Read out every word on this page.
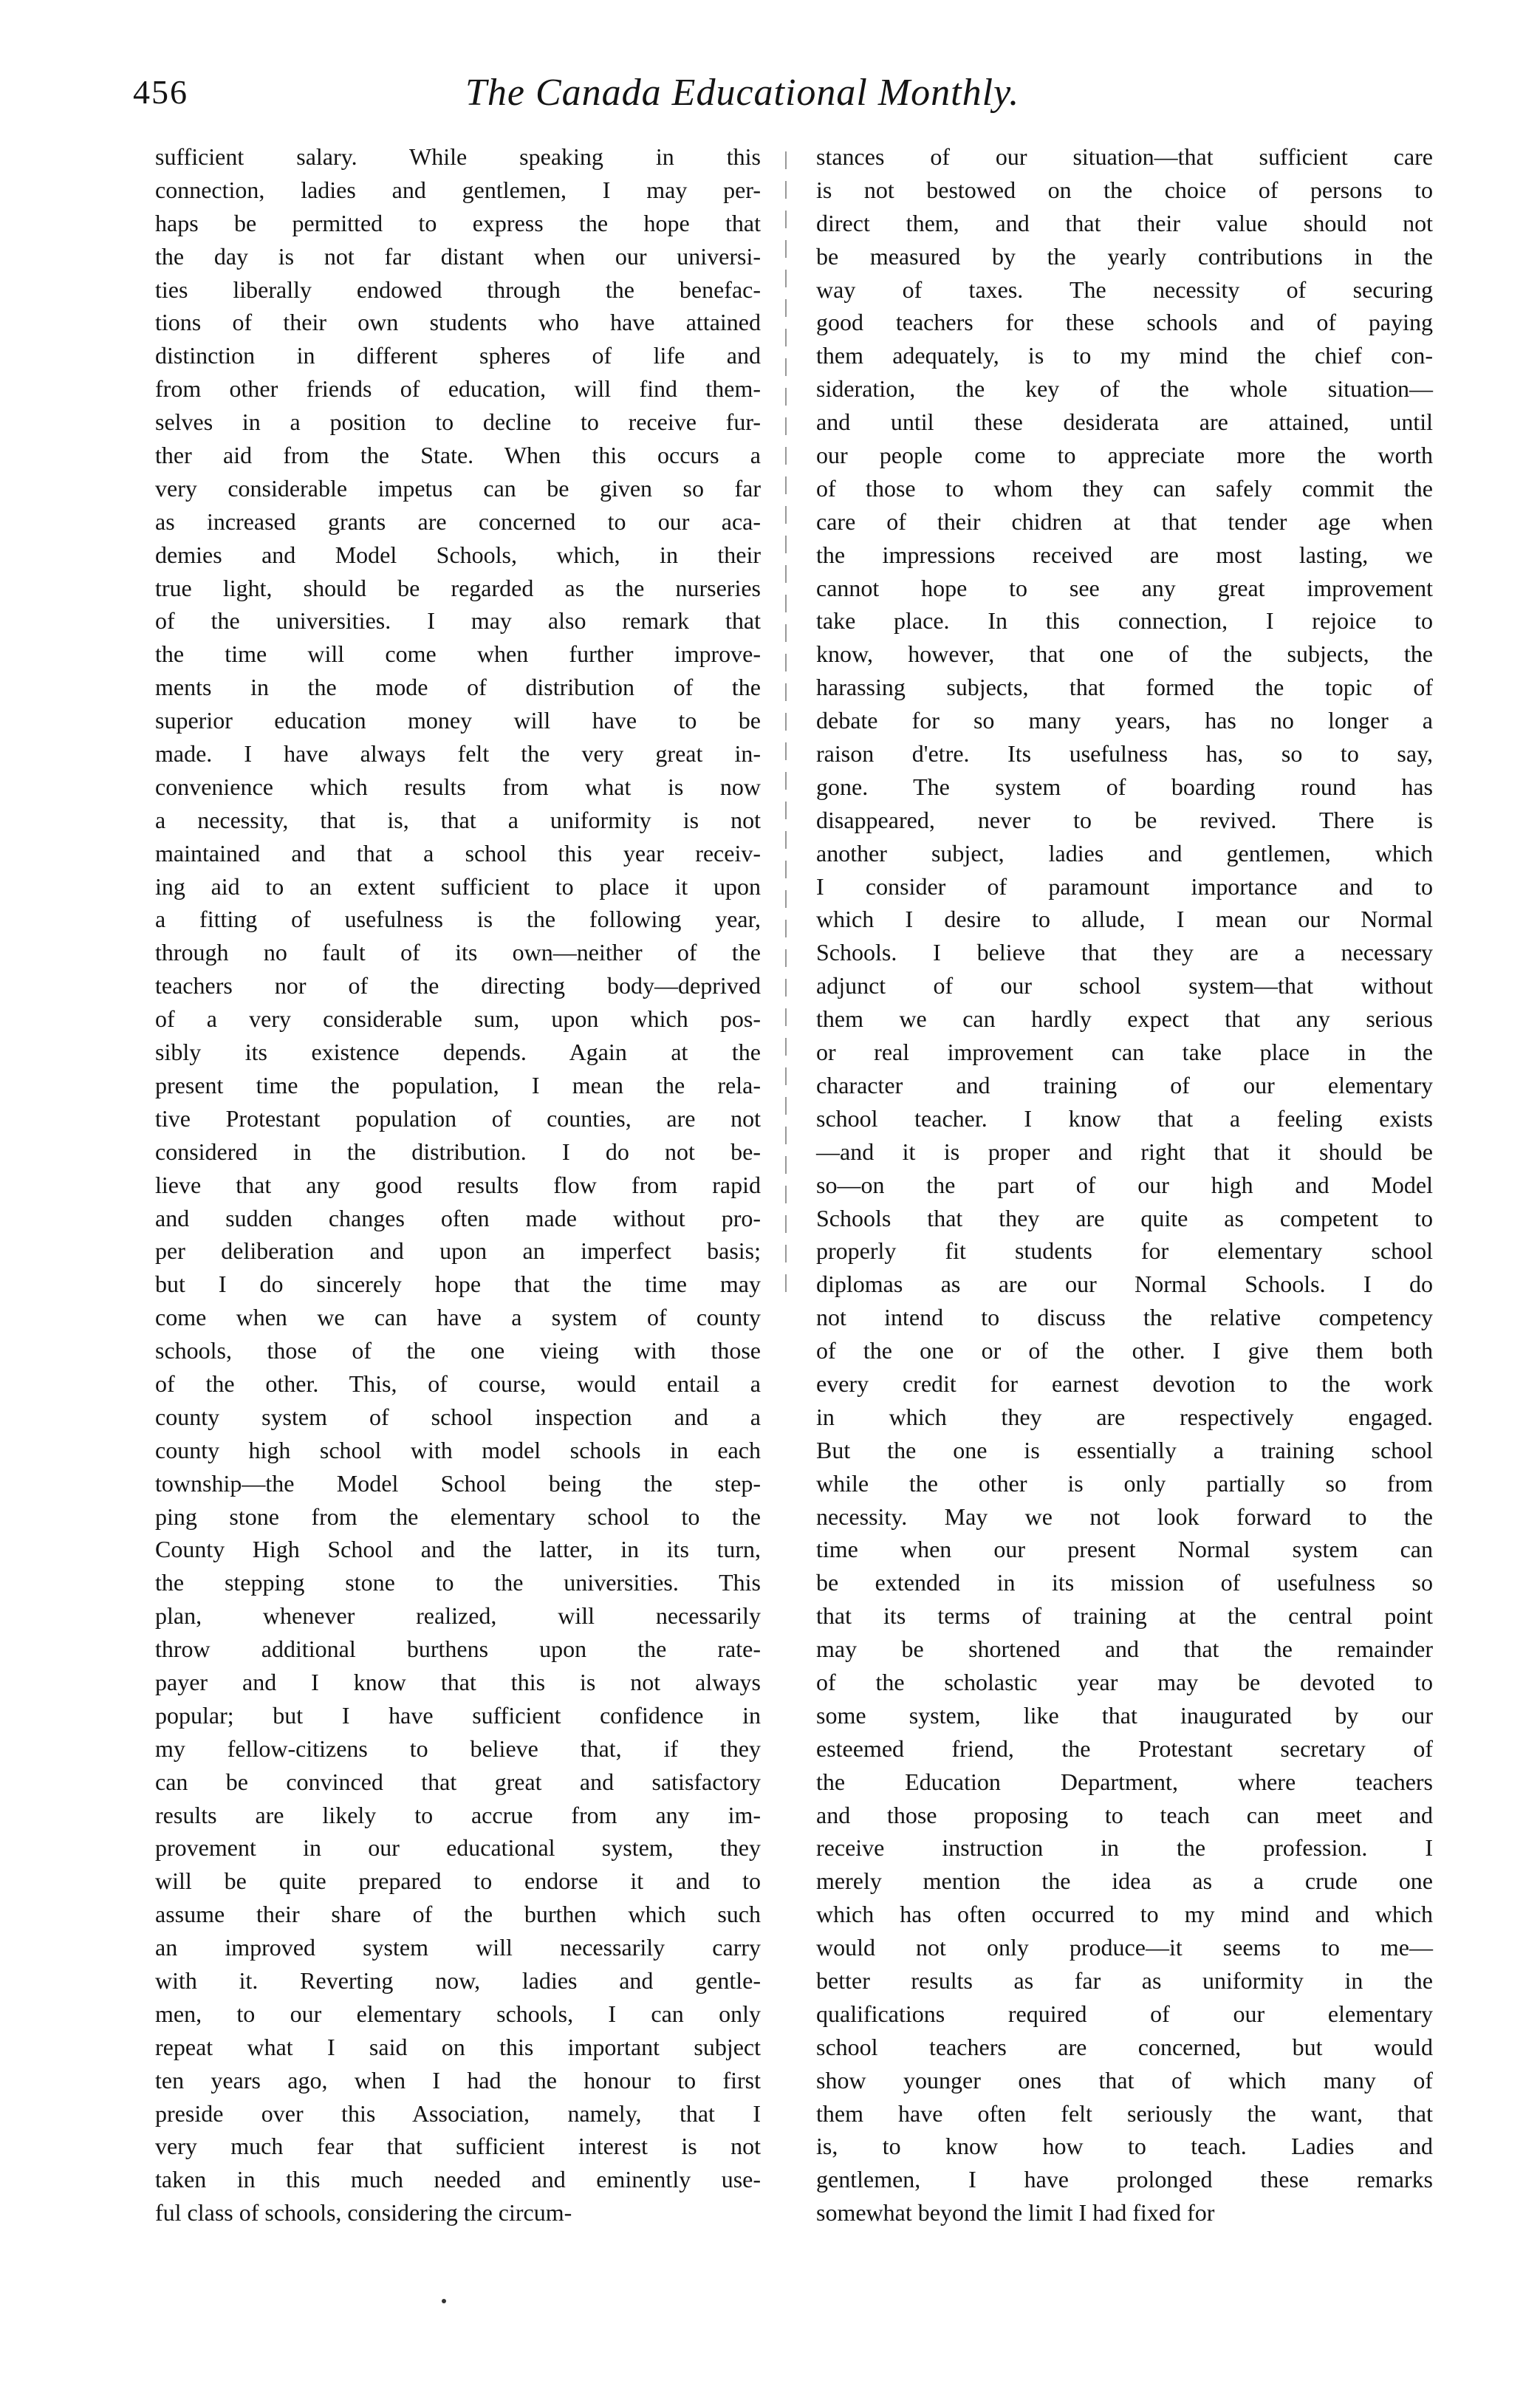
456	The Canada Educational Monthly.
sufficient salary. While speaking in this
connection, ladies and gentlemen, I may per-
haps be permitted to express the hope that
the day is not far distant when our universi-
ties liberally endowed through the benefac-
tions of their own students who have attained
distinction in different spheres of life and
from other friends of education, will find them-
selves in a position to decline to receive fur-
ther aid from the State. When this occurs a
very considerable impetus can be given so far
as increased grants are concerned to our aca-
demies and Model Schools, which, in their
true light, should be regarded as the nurseries
of the universities. I may also remark that
the time will come when further improve-
ments in the mode of distribution of the
superior education money will have to be
made. I have always felt the very great in-
convenience which results from what is now
a necessity, that is, that a uniformity is not
maintained and that a school this year receiv-
ing aid to an extent sufficient to place it upon
a fitting of usefulness is the following year,
through no fault of its own—neither of the
teachers nor of the directing body—deprived
of a very considerable sum, upon which pos-
sibly its existence depends. Again at the
present time the population, I mean the rela-
tive Protestant population of counties, are not
considered in the distribution. I do not be-
lieve that any good results flow from rapid
and sudden changes often made without pro-
per deliberation and upon an imperfect basis;
but I do sincerely hope that the time may
come when we can have a system of county
schools, those of the one vieing with those
of the other. This, of course, would entail a
county system of school inspection and a
county high school with model schools in each
township—the Model School being the step-
ping stone from the elementary school to the
County High School and the latter, in its turn,
the stepping stone to the universities. This
plan, whenever realized, will necessarily
throw additional burthens upon the rate-
payer and I know that this is not always
popular; but I have sufficient confidence in
my fellow-citizens to believe that, if they
can be convinced that great and satisfactory
results are likely to accrue from any im-
provement in our educational system, they
will be quite prepared to endorse it and to
assume their share of the burthen which such
an improved system will necessarily carry
with it. Reverting now, ladies and gentle-
men, to our elementary schools, I can only
repeat what I said on this important subject
ten years ago, when I had the honour to first
preside over this Association, namely, that I
very much fear that sufficient interest is not
taken in this much needed and eminently use-
ful class of schools, considering the circum-
stances of our situation—that sufficient care
is not bestowed on the choice of persons to
direct them, and that their value should not
be measured by the yearly contributions in the
way of taxes. The necessity of securing
good teachers for these schools and of paying
them adequately, is to my mind the chief con-
sideration, the key of the whole situation—
and until these desiderata are attained, until
our people come to appreciate more the worth
of those to whom they can safely commit the
care of their chidren at that tender age when
the impressions received are most lasting, we
cannot hope to see any great improvement
take place. In this connection, I rejoice to
know, however, that one of the subjects, the
harassing subjects, that formed the topic of
debate for so many years, has no longer a
raison d'etre. Its usefulness has, so to say,
gone. The system of boarding round has
disappeared, never to be revived. There is
another subject, ladies and gentlemen, which
I consider of paramount importance and to
which I desire to allude, I mean our Normal
Schools. I believe that they are a necessary
adjunct of our school system—that without
them we can hardly expect that any serious
or real improvement can take place in the
character and training of our elementary
school teacher. I know that a feeling exists
—and it is proper and right that it should be
so—on the part of our high and Model
Schools that they are quite as competent to
properly fit students for elementary school
diplomas as are our Normal Schools. I do
not intend to discuss the relative competency
of the one or of the other. I give them both
every credit for earnest devotion to the work
in which they are respectively engaged.
But the one is essentially a training school
while the other is only partially so from
necessity. May we not look forward to the
time when our present Normal system can
be extended in its mission of usefulness so
that its terms of training at the central point
may be shortened and that the remainder
of the scholastic year may be devoted to
some system, like that inaugurated by our
esteemed friend, the Protestant secretary of
the Education Department, where teachers
and those proposing to teach can meet and
receive instruction in the profession. I
merely mention the idea as a crude one
which has often occurred to my mind and which
would not only produce—it seems to me—
better results as far as uniformity in the
qualifications required of our elementary
school teachers are concerned, but would
show younger ones that of which many of
them have often felt seriously the want, that
is, to know how to teach. Ladies and
gentlemen, I have prolonged these remarks
somewhat beyond the limit I had fixed for
